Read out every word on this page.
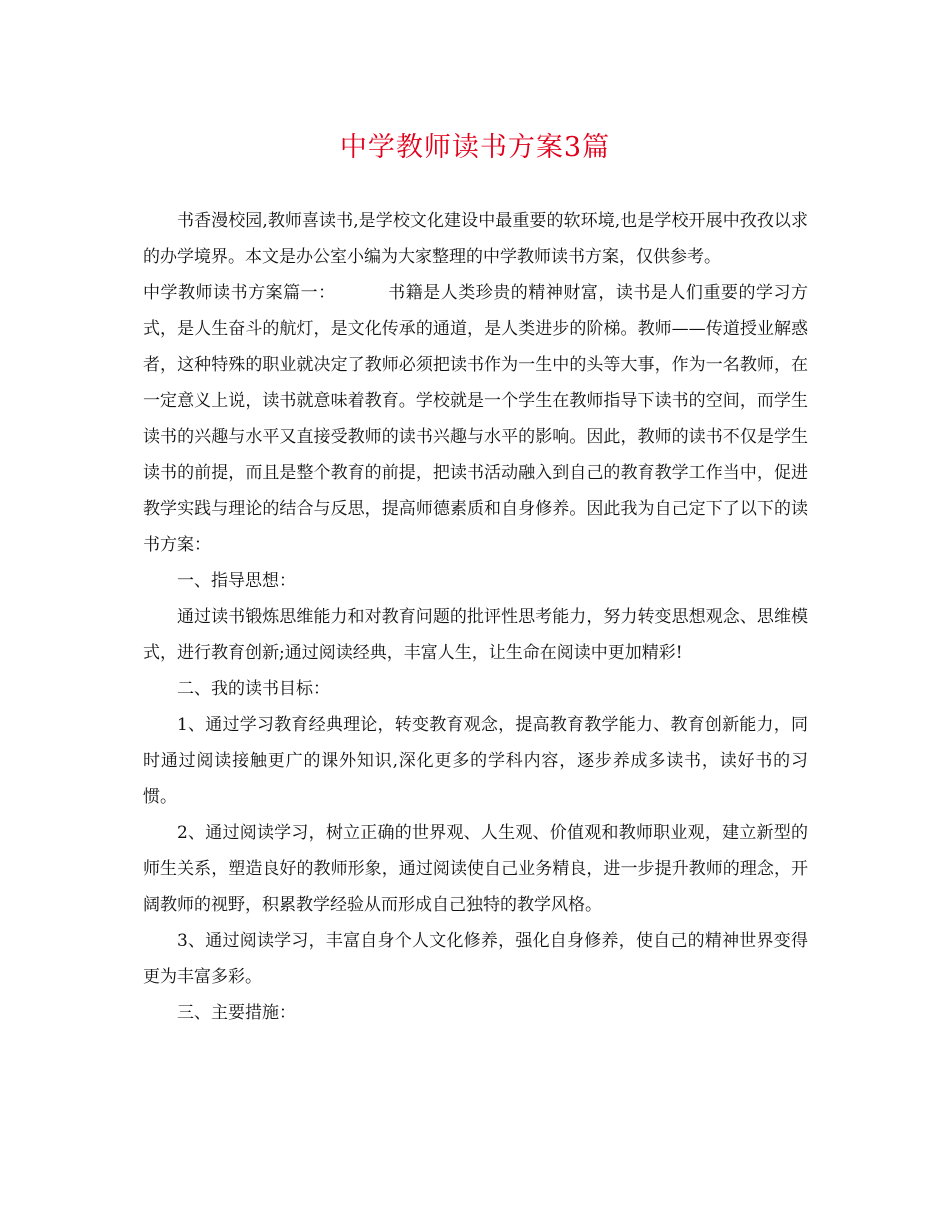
中学教师读书方案3篇

书香漫校园,教师喜读书,是学校文化建设中最重要的软环境,也是学校开展中孜孜以求的办学境界。本文是办公室小编为大家整理的中学教师读书方案，仅供参考。

中学教师读书方案篇一：	书籍是人类珍贵的精神财富，读书是人们重要的学习方式，是人生奋斗的航灯，是文化传承的通道，是人类进步的阶梯。教师——传道授业解惑者，这种特殊的职业就决定了教师必须把读书作为一生中的头等大事，作为一名教师，在一定意义上说，读书就意味着教育。学校就是一个学生在教师指导下读书的空间，而学生读书的兴趣与水平又直接受教师的读书兴趣与水平的影响。因此，教师的读书不仅是学生读书的前提，而且是整个教育的前提，把读书活动融入到自己的教育教学工作当中，促进教学实践与理论的结合与反思，提高师德素质和自身修养。因此我为自己定下了以下的读书方案：

一、指导思想：

通过读书锻炼思维能力和对教育问题的批评性思考能力，努力转变思想观念、思维模式，进行教育创新;通过阅读经典，丰富人生，让生命在阅读中更加精彩!

二、我的读书目标：

1、通过学习教育经典理论，转变教育观念，提高教育教学能力、教育创新能力，同时通过阅读接触更广的课外知识,深化更多的学科内容，逐步养成多读书，读好书的习惯。

2、通过阅读学习，树立正确的世界观、人生观、价值观和教师职业观，建立新型的师生关系，塑造良好的教师形象，通过阅读使自己业务精良，进一步提升教师的理念，开阔教师的视野，积累教学经验从而形成自己独特的教学风格。

3、通过阅读学习，丰富自身个人文化修养，强化自身修养，使自己的精神世界变得更为丰富多彩。

三、主要措施：
